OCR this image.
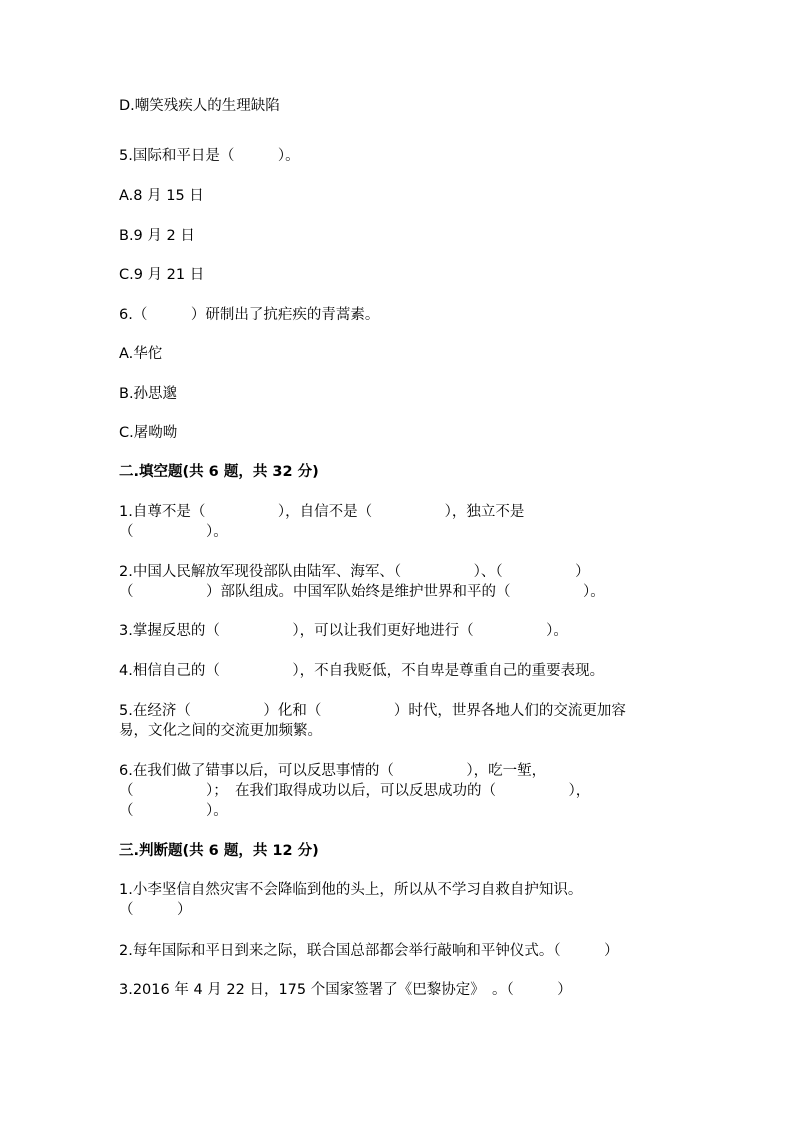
D.嘲笑残疾人的生理缺陷
5.国际和平日是（　　　）。
A.8 月 15 日
B.9 月 2 日
C.9 月 21 日
6.（　　　）研制出了抗疟疾的青蒿素。
A.华佗
B.孙思邈
C.屠呦呦
二.填空题(共 6 题，共 32 分)
1.自尊不是（　　　　　），自信不是（　　　　　），独立不是
（　　　　　）。
2.中国人民解放军现役部队由陆军、海军、（　　　　　）、（　　　　　）
（　　　　　）部队组成。中国军队始终是维护世界和平的（　　　　　）。
3.掌握反思的（　　　　　），可以让我们更好地进行（　　　　　）。
4.相信自己的（　　　　　），不自我贬低，不自卑是尊重自己的重要表现。
5.在经济（　　　　　）化和（　　　　　）时代，世界各地人们的交流更加容
易，文化之间的交流更加频繁。
6.在我们做了错事以后，可以反思事情的（　　　　　），吃一堑，
（　　　　　）；　在我们取得成功以后，可以反思成功的（　　　　　），
（　　　　　）。
三.判断题(共 6 题，共 12 分)
1.小李坚信自然灾害不会降临到他的头上，所以从不学习自救自护知识。
（　　　）
2.每年国际和平日到来之际，联合国总部都会举行敲响和平钟仪式。（　　　）
3.2016 年 4 月 22 日，175 个国家签署了《巴黎协定》　。（　　　）
